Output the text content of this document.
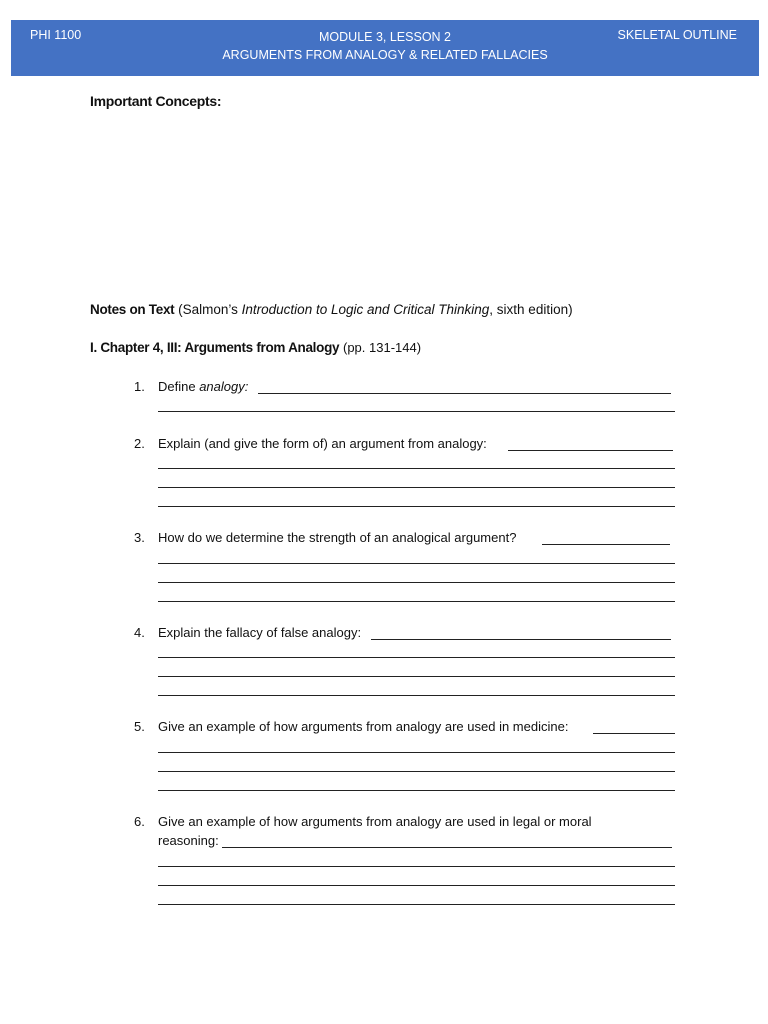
PHI 1100	MODULE 3, LESSON 2
ARGUMENTS FROM ANALOGY & RELATED FALLACIES
SKELETAL OUTLINE
Important Concepts:
Notes on Text (Salmon’s Introduction to Logic and Critical Thinking, sixth edition)
I. Chapter 4, III: Arguments from Analogy (pp. 131-144)
1. Define analogy:
2. Explain (and give the form of) an argument from analogy:
3. How do we determine the strength of an analogical argument?
4. Explain the fallacy of false analogy:
5. Give an example of how arguments from analogy are used in medicine:
6. Give an example of how arguments from analogy are used in legal or moral
reasoning:
